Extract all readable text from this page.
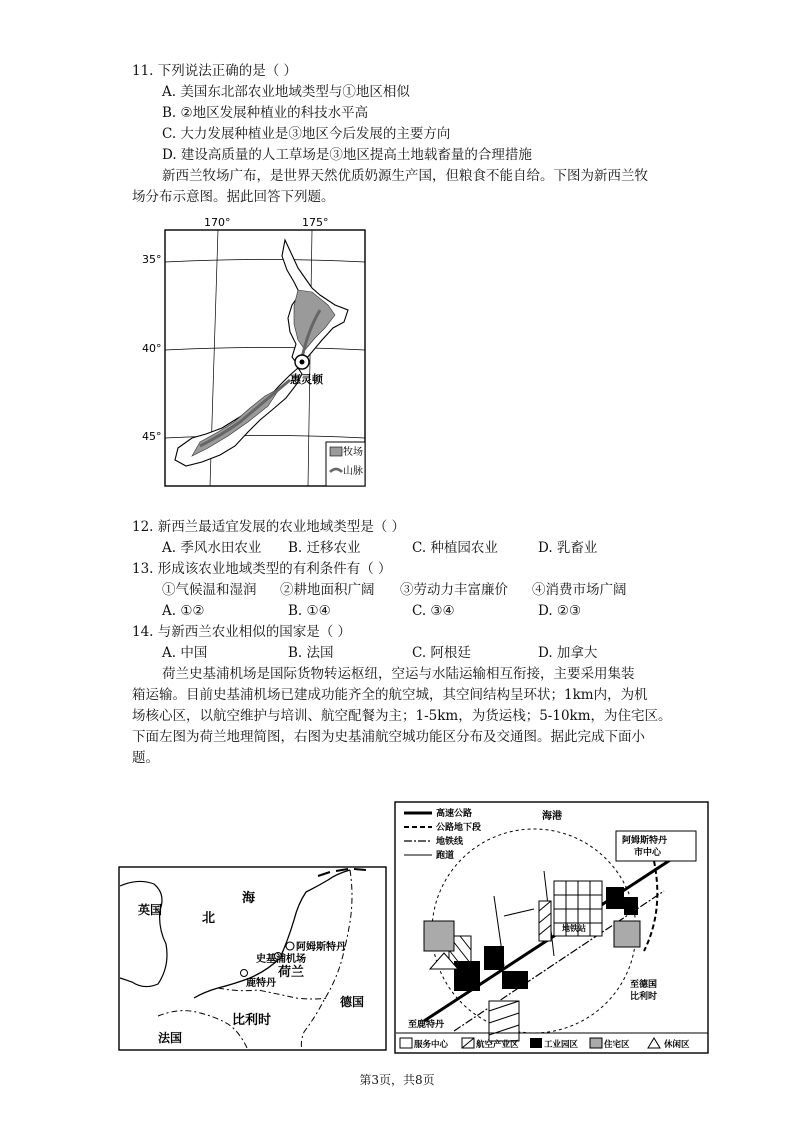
11. 下列说法正确的是（ ）
A. 美国东北部农业地域类型与①地区相似
B. ②地区发展种植业的科技水平高
C. 大力发展种植业是③地区今后发展的主要方向
D. 建设高质量的人工草场是③地区提高土地载畜量的合理措施
新西兰牧场广布，是世界天然优质奶源生产国，但粮食不能自给。下图为新西兰牧
场分布示意图。据此回答下列题。
170°	175°
35°
40°
45°
惠灵顿
牧场
山脉
12. 新西兰最适宜发展的农业地域类型是（ ）
A. 季风水田农业 B. 迁移农业	C. 种植园农业	D. 乳畜业
13. 形成该农业地域类型的有利条件有（ ）
①气候温和湿润 ②耕地面积广阔 ③劳动力丰富廉价 ④消费市场广阔
A. ①②	B. ①④	C. ③④	D. ②③
14. 与新西兰农业相似的国家是（ ）
A. 中国	B. 法国	C. 阿根廷	D. 加拿大
荷兰史基浦机场是国际货物转运枢纽，空运与水陆运输相互衔接，主要采用集装
箱运输。目前史基浦机场已建成功能齐全的航空城，其空间结构呈环状；1km内，为机
场核心区，以航空维护与培训、航空配餐为主；1-5km，为货运栈；5-10km，为住宅区。
下面左图为荷兰地理简图，右图为史基浦航空城功能区分布及交通图。据此完成下面小
题。
英国
北
海
阿姆斯特丹
史基浦机场
鹿特丹
荷兰
德国
比利时
法国
高速公路
公路地下段
地铁线
跑道
海港
阿姆斯特丹
市中心
地铁站
至德国
比利时
至鹿特丹
服务中心	航空产业区	工业园区	住宅区	休闲区
第3页，共8页
